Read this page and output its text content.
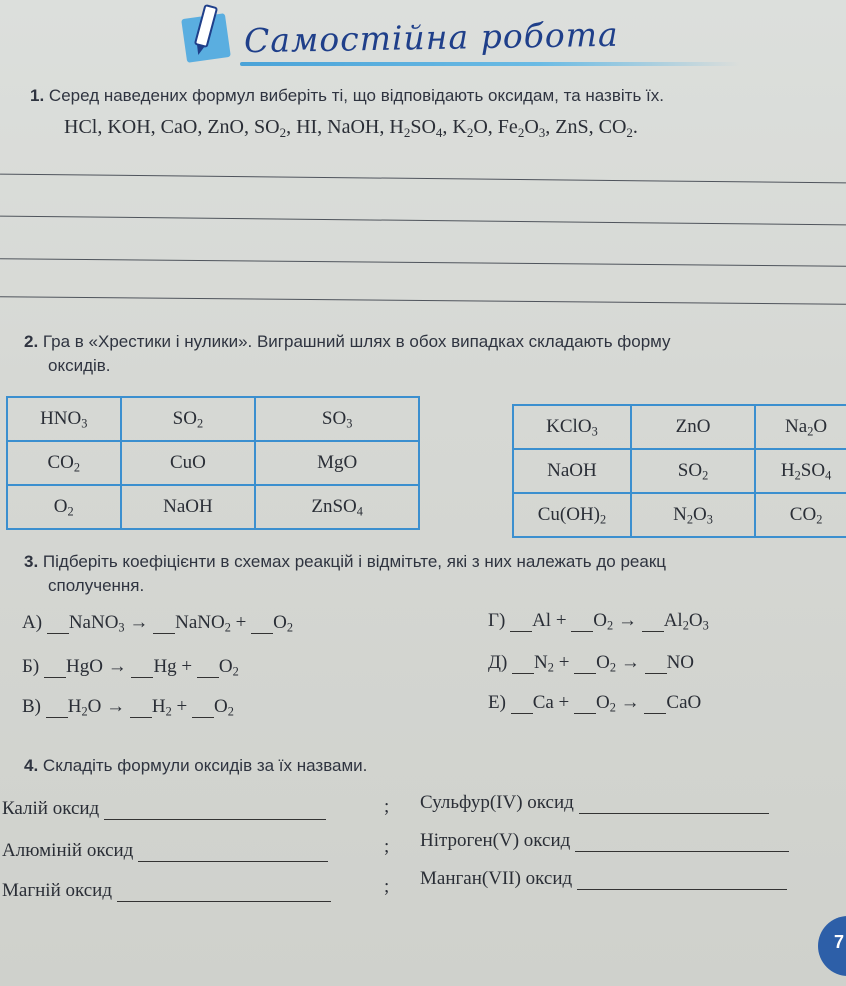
Самостійна робота
1. Серед наведених формул виберіть ті, що відповідають оксидам, та назвіть їх.
HCl, KOH, CaO, ZnO, $SO_2$, HI, NaOH, $H_2SO_4$, $K_2O$, $Fe_2O_3$, ZnS, $CO_2$.
2. Гра в «Хрестики і нулики». Виграшний шлях в обох випадках складають форму
оксидів.
$HNO_3$	$SO_2$	$SO_3$
$CO_2$	CuO	MgO
$O_2$	NaOH	ZnSO$_4$
KClO$_3$	ZnO	$Na_2O$
NaOH	$SO_2$	$H_2SO_4$
$Cu(OH)_2$	$N_2O_3$	$CO_2$
3. Підберіть коефіцієнти в схемах реакцій і відмітьте, які з них належать до реакц
сполучення.
А) NaNO$_3$ → NaNO$_2$ + $O_2$
Б) HgO → $Hg + O_2$
В) $H_2O \to H_2 + O_2$
Г) $Al + O_2 \to Al_2O_3$
Д) $N_2 + O_2$ → NO
Е) $Ca + O_2$ → CaO
4. Складіть формули оксидів за їх назвами.
Калій оксид
Алюміній оксид
Магній оксид
;
;
;
Сульфур(IV) оксид
Нітроген(V) оксид
Манган(VII) оксид
7
